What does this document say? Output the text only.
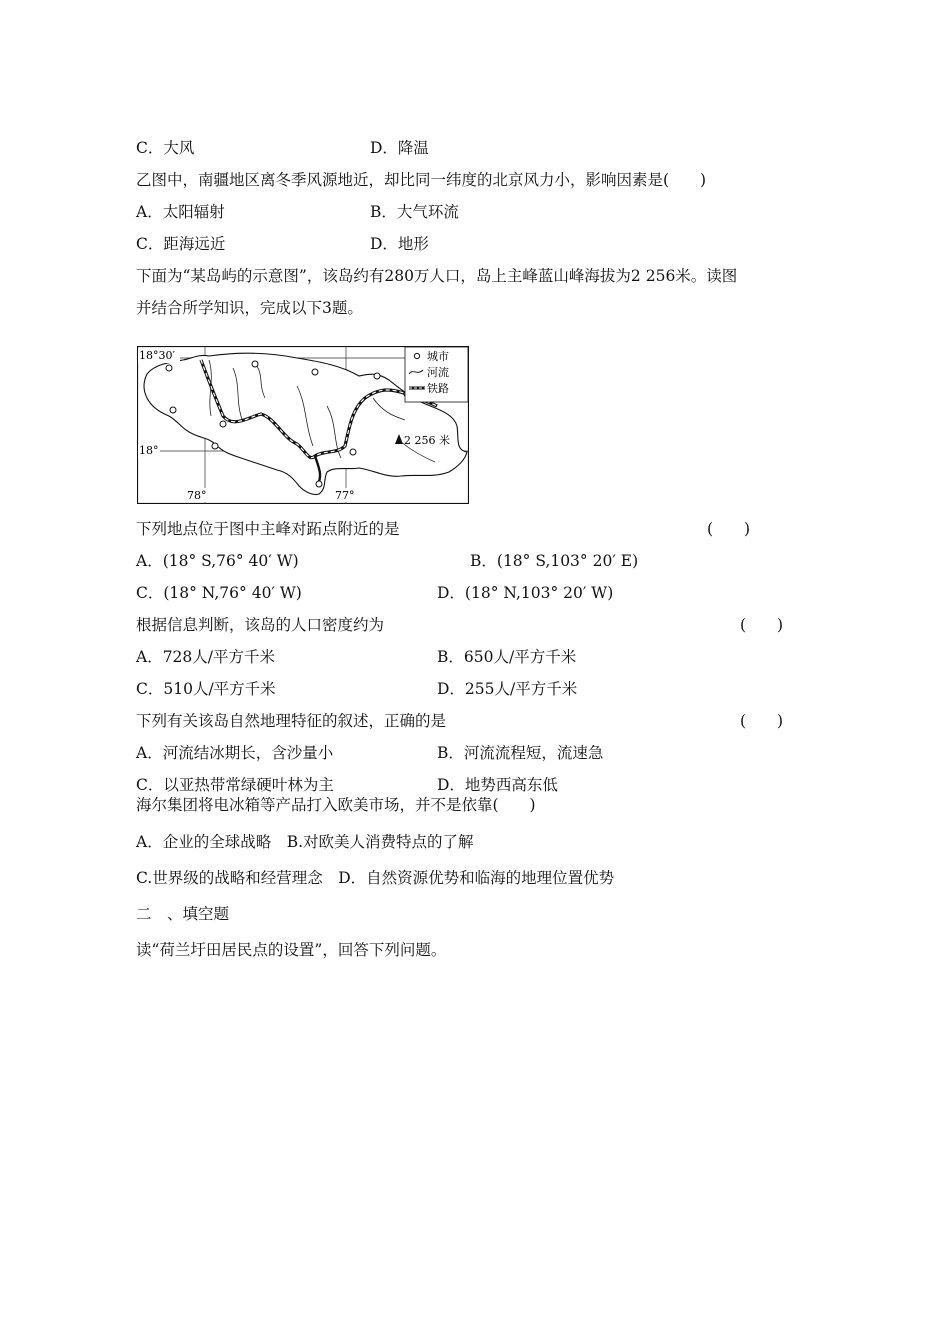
C．大风	D．降温
乙图中，南疆地区离冬季风源地近，却比同一纬度的北京风力小，影响因素是(　　)
A．太阳辐射	B．大气环流
C．距海远近	D．地形
下面为“某岛屿的示意图”，该岛约有280万人口，岛上主峰蓝山峰海拔为2 256米。读图
并结合所学知识，完成以下3题。
下列地点位于图中主峰对跖点附近的是	(　　)
A．(18° S,76° 40′ W)	B．(18° S,103° 20′ E)
C．(18° N,76° 40′ W)	D．(18° N,103° 20′ W)
根据信息判断，该岛的人口密度约为	(　　)
A．728人/平方千米	B．650人/平方千米
C．510人/平方千米	D．255人/平方千米
下列有关该岛自然地理特征的叙述，正确的是	(　　)
A．河流结冰期长，含沙量小	B．河流流程短，流速急
C．以亚热带常绿硬叶林为主	D．地势西高东低
海尔集团将电冰箱等产品打入欧美市场，并不是依靠(　　)
A．企业的全球战略　B.对欧美人消费特点的了解
C.世界级的战略和经营理念　D．自然资源优势和临海的地理位置优势
二　、填空题
读“荷兰圩田居民点的设置”，回答下列问题。
2 256 米
18°30′
18°
78°	77°
城市
河流
铁路
